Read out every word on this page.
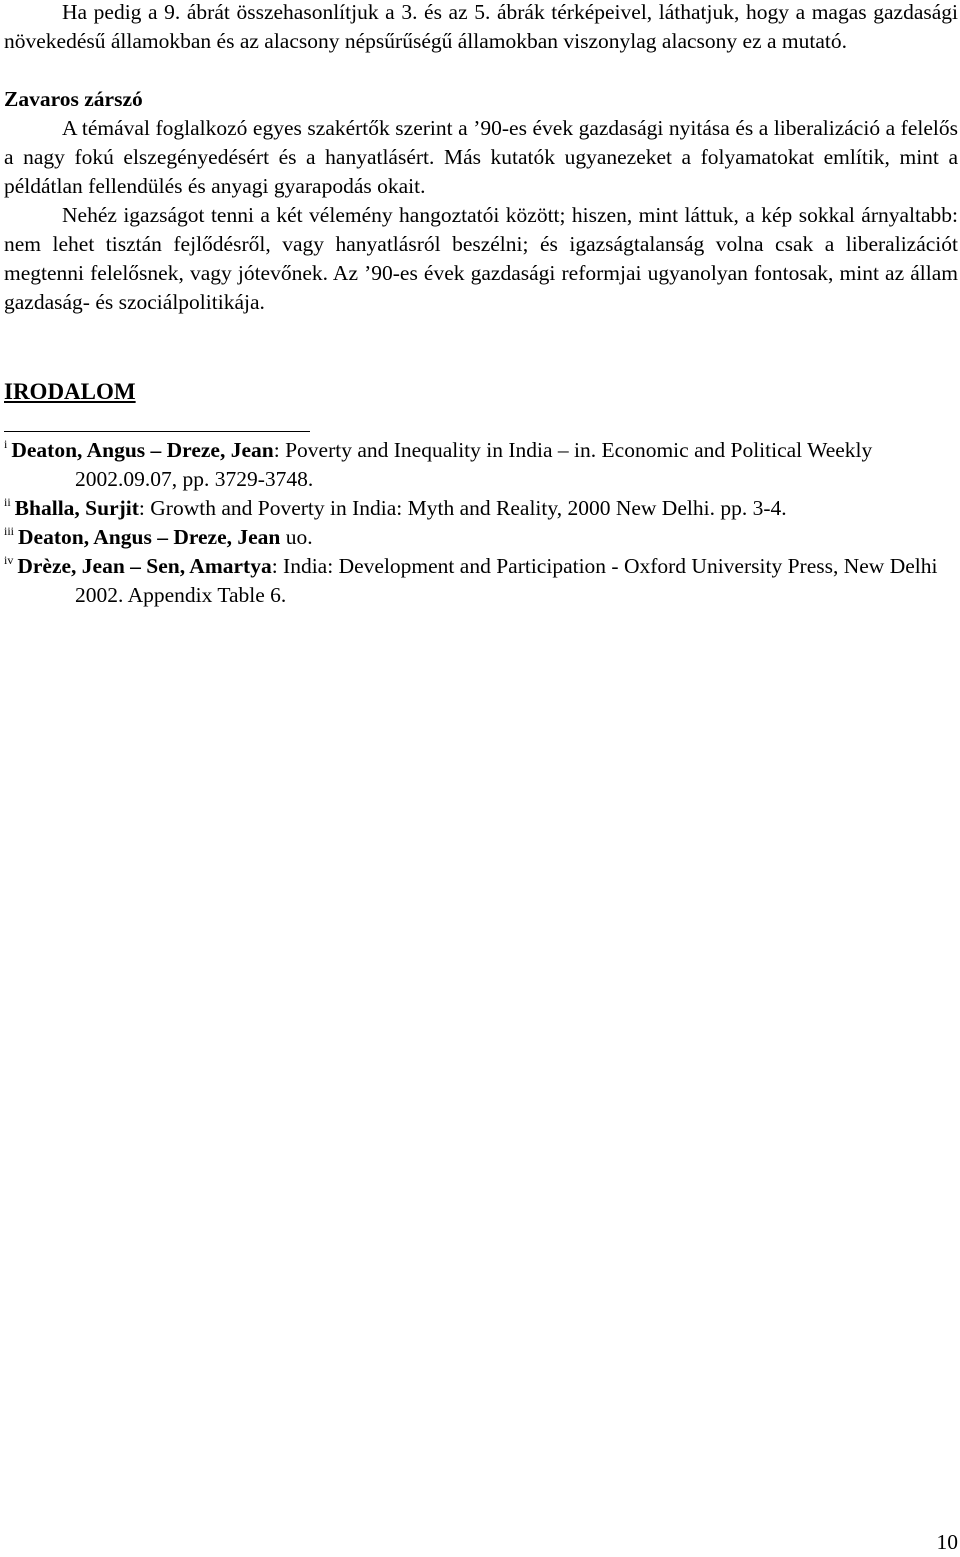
Ha pedig a 9. ábrát összehasonlítjuk a 3. és az 5. ábrák térképeivel, láthatjuk, hogy a magas gazdasági növekedésű államokban és az alacsony népsűrűségű államokban viszonylag alacsony ez a mutató.

Zavaros zárszó

A témával foglalkozó egyes szakértők szerint a ’90-es évek gazdasági nyitása és a liberalizáció a felelős a nagy fokú elszegényedésért és a hanyatlásért. Más kutatók ugyanezeket a folyamatokat említik, mint a példátlan fellendülés és anyagi gyarapodás okait.

Nehéz igazságot tenni a két vélemény hangoztatói között; hiszen, mint láttuk, a kép sokkal árnyaltabb: nem lehet tisztán fejlődésről, vagy hanyatlásról beszélni; és igazságtalanság volna csak a liberalizációt megtenni felelősnek, vagy jótevőnek. Az ’90-es évek gazdasági reformjai ugyanolyan fontosak, mint az állam gazdaság- és szociálpolitikája.

IRODALOM

$^i$ Deaton, Angus – Dreze, Jean: Poverty and Inequality in India – in. Economic and Political Weekly 2002.09.07, pp. 3729-3748.

$^{ii}$ Bhalla, Surjit: Growth and Poverty in India: Myth and Reality, 2000 New Delhi. pp. 3-4.

$^{iii}$ Deaton, Angus – Dreze, Jean uo.

$^{iv}$ Drèze, Jean – Sen, Amartya: India: Development and Participation - Oxford University Press, New Delhi 2002. Appendix Table 6.

10
